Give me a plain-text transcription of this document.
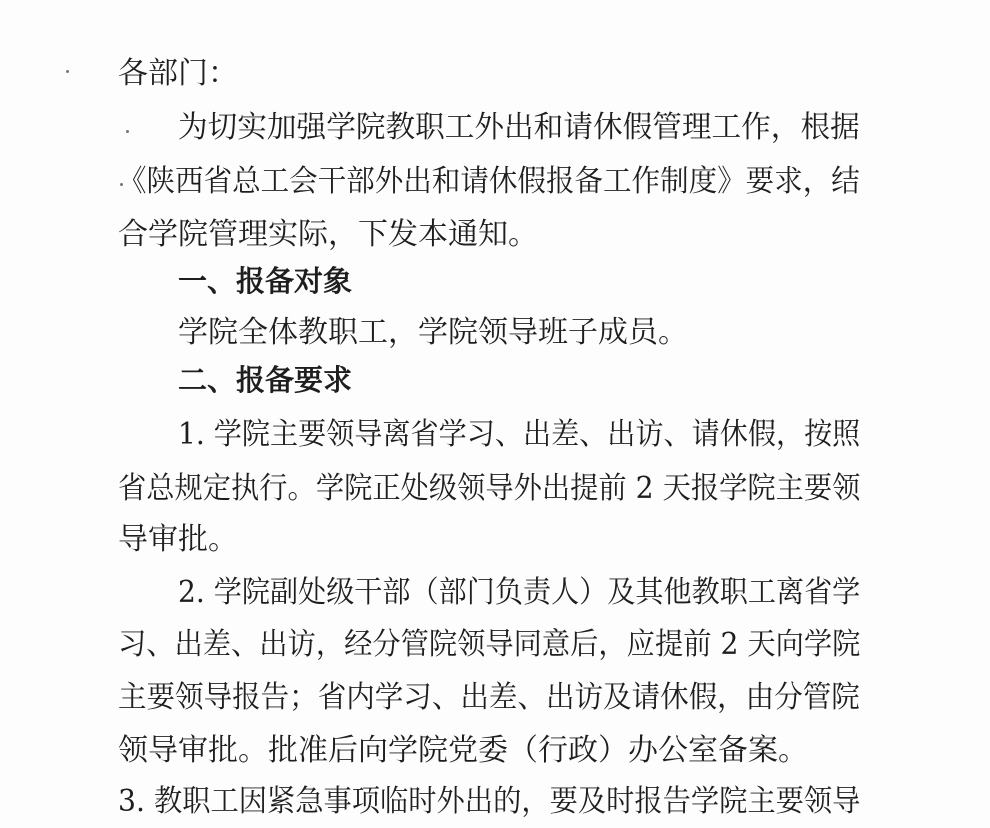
各部门：
为切实加强学院教职工外出和请休假管理工作，根据
《陕西省总工会干部外出和请休假报备工作制度》要求，结
合学院管理实际，下发本通知。
一、报备对象
学院全体教职工，学院领导班子成员。
二、报备要求
1. 学院主要领导离省学习、出差、出访、请休假，按照
省总规定执行。学院正处级领导外出提前 2 天报学院主要领
导审批。
2. 学院副处级干部（部门负责人）及其他教职工离省学
习、出差、出访，经分管院领导同意后，应提前 2 天向学院
主要领导报告；省内学习、出差、出访及请休假，由分管院
领导审批。批准后向学院党委（行政）办公室备案。
3. 教职工因紧急事项临时外出的，要及时报告学院主要领导
